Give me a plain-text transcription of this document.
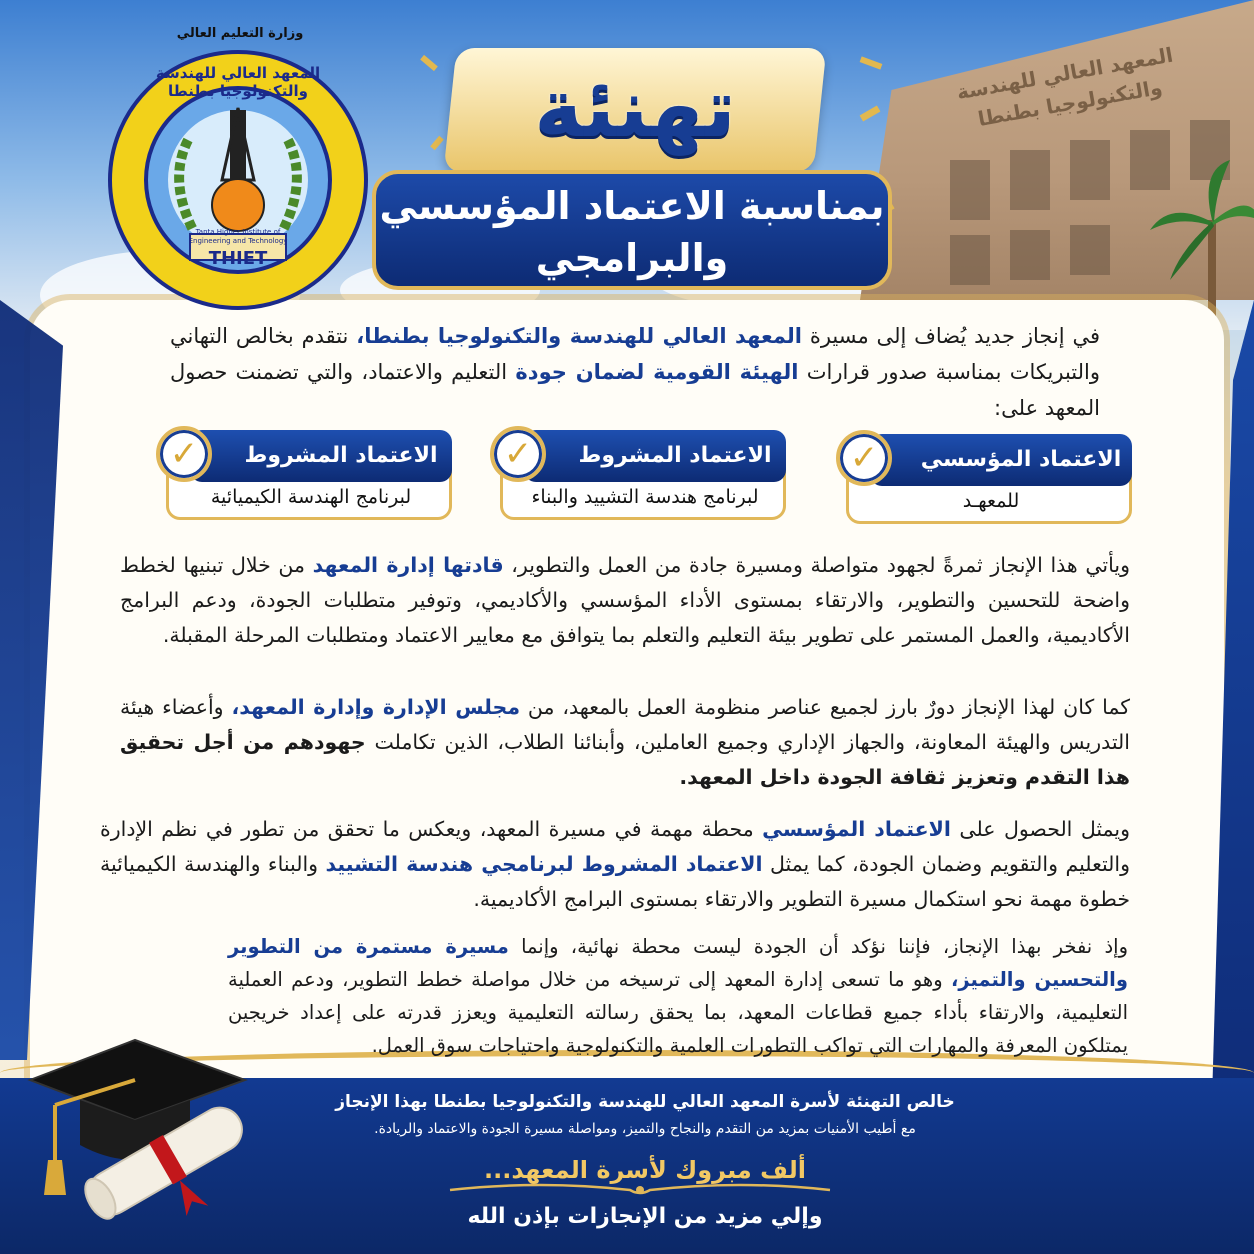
المعهد العالي للهندسة والتكنولوجيا بطنطا
وزارة التعليم العالي
المعهد العالي للهندسة والتكنولوجيا بطنطا
Tanta Higher Institute of Engineering and Technology
THIET
تهنئة
بمناسبة الاعتماد المؤسسي
والبرامجي
في إنجاز جديد يُضاف إلى مسيرة المعهد العالي للهندسة والتكنولوجيا بطنطا، نتقدم بخالص التهاني والتبريكات بمناسبة صدور قرارات الهيئة القومية لضمان جودة التعليم والاعتماد، والتي تضمنت حصول المعهد على:
الاعتماد المؤسسي
✓
للمعهـد
الاعتماد المشروط
✓
لبرنامج هندسة التشييد والبناء
الاعتماد المشروط
✓
لبرنامج الهندسة الكيميائية
ويأتي هذا الإنجاز ثمرةً لجهود متواصلة ومسيرة جادة من العمل والتطوير، قادتها إدارة المعهد من خلال تبنيها لخطط واضحة للتحسين والتطوير، والارتقاء بمستوى الأداء المؤسسي والأكاديمي، وتوفير متطلبات الجودة، ودعم البرامج الأكاديمية، والعمل المستمر على تطوير بيئة التعليم والتعلم بما يتوافق مع معايير الاعتماد ومتطلبات المرحلة المقبلة.
كما كان لهذا الإنجاز دورٌ بارز لجميع عناصر منظومة العمل بالمعهد، من مجلس الإدارة وإدارة المعهد، وأعضاء هيئة التدريس والهيئة المعاونة، والجهاز الإداري وجميع العاملين، وأبنائنا الطلاب، الذين تكاملت جهودهم من أجل تحقيق هذا التقدم وتعزيز ثقافة الجودة داخل المعهد.
ويمثل الحصول على الاعتماد المؤسسي محطة مهمة في مسيرة المعهد، ويعكس ما تحقق من تطور في نظم الإدارة والتعليم والتقويم وضمان الجودة، كما يمثل الاعتماد المشروط لبرنامجي هندسة التشييد والبناء والهندسة الكيميائية خطوة مهمة نحو استكمال مسيرة التطوير والارتقاء بمستوى البرامج الأكاديمية.
وإذ نفخر بهذا الإنجاز، فإننا نؤكد أن الجودة ليست محطة نهائية، وإنما مسيرة مستمرة من التطوير والتحسين والتميز، وهو ما تسعى إدارة المعهد إلى ترسيخه من خلال مواصلة خطط التطوير، ودعم العملية التعليمية، والارتقاء بأداء جميع قطاعات المعهد، بما يحقق رسالته التعليمية ويعزز قدرته على إعداد خريجين يمتلكون المعرفة والمهارات التي تواكب التطورات العلمية والتكنولوجية واحتياجات سوق العمل.
خالص التهنئة لأسرة المعهد العالي للهندسة والتكنولوجيا بطنطا بهذا الإنجاز
مع أطيب الأمنيات بمزيد من التقدم والنجاح والتميز، ومواصلة مسيرة الجودة والاعتماد والريادة.
ألف مبروك لأسرة المعهد...
وإلي مزيد من الإنجازات بإذن الله
